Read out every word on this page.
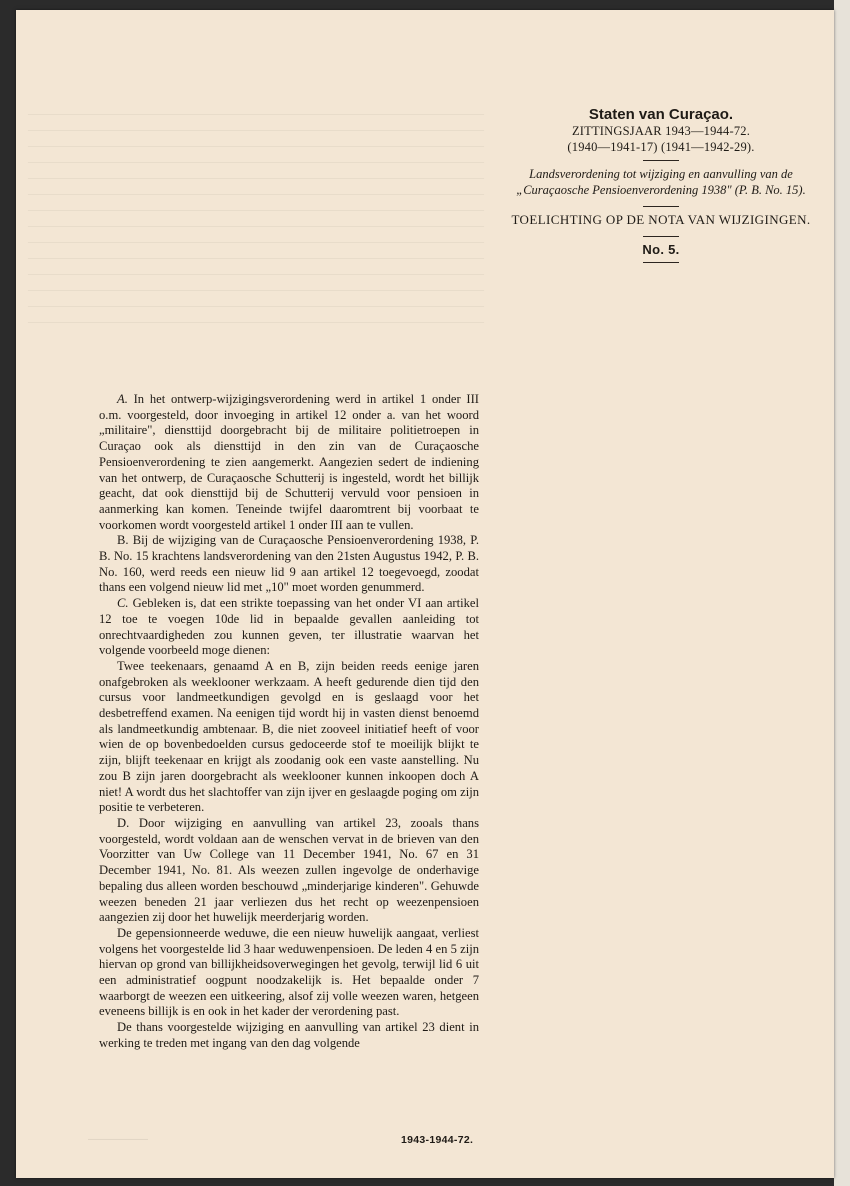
——————————————————————————————————————
——————————————————————————————————————
——————————————————————————————————————
——————————————————————————————————————
——————————————————————————————————————
——————————————————————————————————————
——————————————————————————————————————
——————————————————————————————————————
——————————————————————————————————————
——————————————————————————————————————
——————————————————————————————————————
——————————————————————————————————————
——————————————————————————————————————
——————————————————————————————————————

Staten van Curaçao.
ZITTINGSJAAR 1943—1944-72.
(1940—1941-17) (1941—1942-29).
Landsverordening tot wijziging en aanvulling van de „Curaçaosche Pensioenverordening 1938" (P. B. No. 15).
TOELICHTING OP DE NOTA VAN WIJZIGINGEN.
No. 5.

A. In het ontwerp-wijzigingsverordening werd in artikel 1 onder III o.m. voorgesteld, door invoeging in artikel 12 onder a. van het woord „militaire", diensttijd doorgebracht bij de militaire politietroepen in Curaçao ook als diensttijd in den zin van de Curaçaosche Pensioenverordening te zien aangemerkt. Aangezien sedert de indiening van het ontwerp, de Curaçaosche Schutterij is ingesteld, wordt het billijk geacht, dat ook diensttijd bij de Schutterij vervuld voor pensioen in aanmerking kan komen. Teneinde twijfel daaromtrent bij voorbaat te voorkomen wordt voorgesteld artikel 1 onder III aan te vullen.

B. Bij de wijziging van de Curaçaosche Pensioenverordening 1938, P. B. No. 15 krachtens landsverordening van den 21sten Augustus 1942, P. B. No. 160, werd reeds een nieuw lid 9 aan artikel 12 toegevoegd, zoodat thans een volgend nieuw lid met „10" moet worden genummerd.

C. Gebleken is, dat een strikte toepassing van het onder VI aan artikel 12 toe te voegen 10de lid in bepaalde gevallen aanleiding tot onrechtvaardigheden zou kunnen geven, ter illustratie waarvan het volgende voorbeeld moge dienen:

Twee teekenaars, genaamd A en B, zijn beiden reeds eenige jaren onafgebroken als weeklooner werkzaam. A heeft gedurende dien tijd den cursus voor landmeetkundigen gevolgd en is geslaagd voor het desbetreffend examen. Na eenigen tijd wordt hij in vasten dienst benoemd als landmeetkundig ambtenaar. B, die niet zooveel initiatief heeft of voor wien de op bovenbedoelden cursus gedoceerde stof te moeilijk blijkt te zijn, blijft teekenaar en krijgt als zoodanig ook een vaste aanstelling. Nu zou B zijn jaren doorgebracht als weeklooner kunnen inkoopen doch A niet! A wordt dus het slachtoffer van zijn ijver en geslaagde poging om zijn positie te verbeteren.

D. Door wijziging en aanvulling van artikel 23, zooals thans voorgesteld, wordt voldaan aan de wenschen vervat in de brieven van den Voorzitter van Uw College van 11 December 1941, No. 67 en 31 December 1941, No. 81. Als weezen zullen ingevolge de onderhavige bepaling dus alleen worden beschouwd „minderjarige kinderen". Gehuwde weezen beneden 21 jaar verliezen dus het recht op weezenpensioen aangezien zij door het huwelijk meerderjarig worden.

De gepensionneerde weduwe, die een nieuw huwelijk aangaat, verliest volgens het voorgestelde lid 3 haar weduwenpensioen. De leden 4 en 5 zijn hiervan op grond van billijkheidsoverwegingen het gevolg, terwijl lid 6 uit een administratief oogpunt noodzakelijk is. Het bepaalde onder 7 waarborgt de weezen een uitkeering, alsof zij volle weezen waren, hetgeen eveneens billijk is en ook in het kader der verordening past.

De thans voorgestelde wijziging en aanvulling van artikel 23 dient in werking te treden met ingang van den dag volgende

——————	1943-1944-72.
